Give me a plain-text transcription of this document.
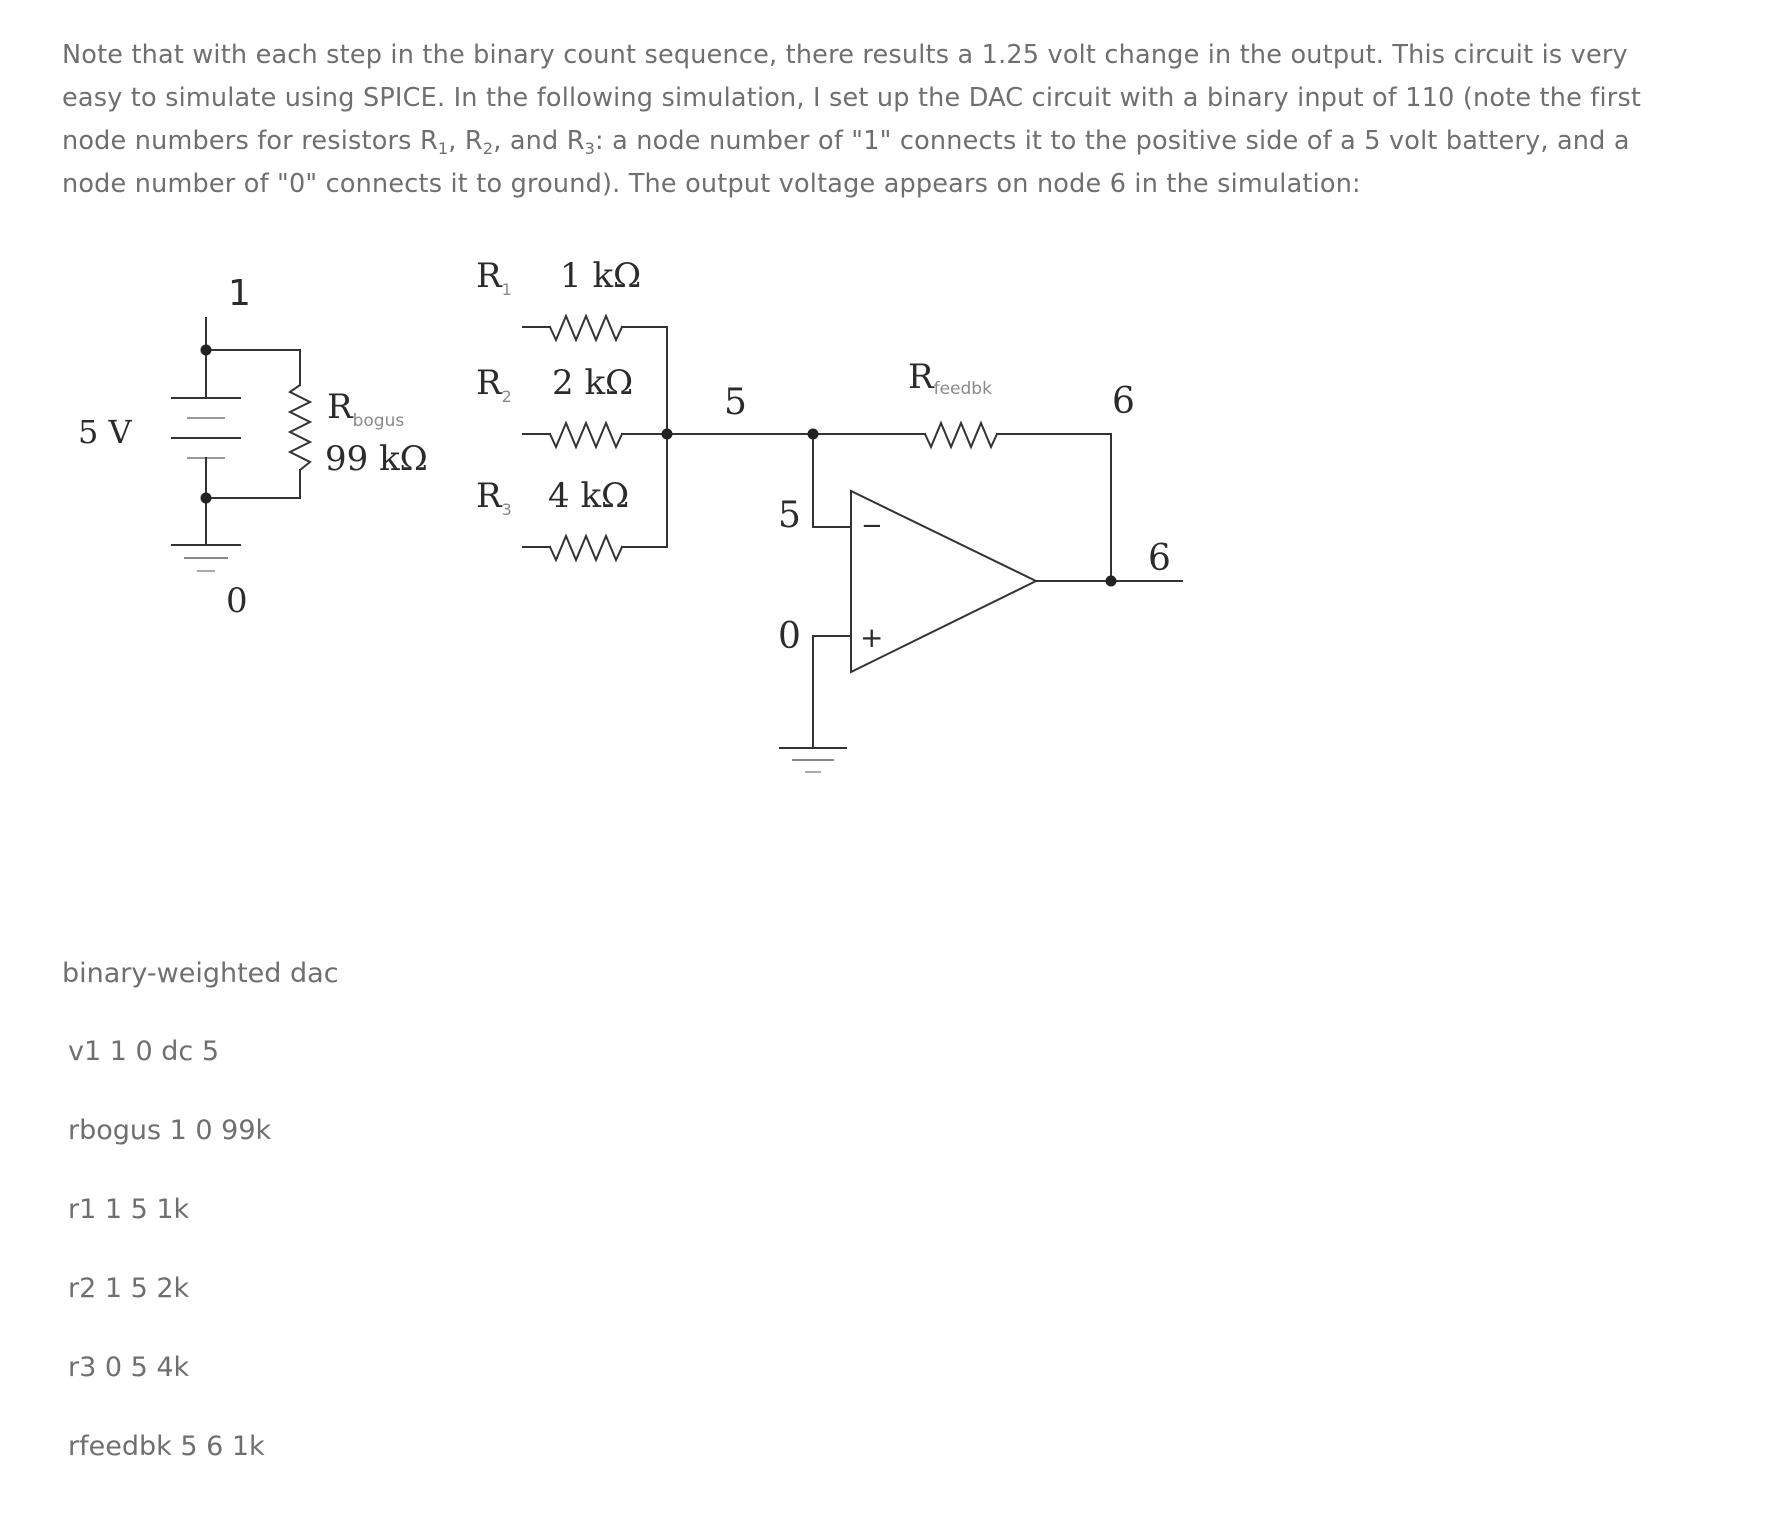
Note that with each step in the binary count sequence, there results a 1.25 volt change in the output. This circuit is very
easy to simulate using SPICE. In the following simulation, I set up the DAC circuit with a binary input of 110 (note the first
node numbers for resistors $R_1$, $R_2$, and $R_3$: a node number of "1" connects it to the positive side of a 5 volt battery, and a
node number of "0" connects it to ground). The output voltage appears on node 6 in the simulation:

1
0
5 V
$R_{bogus}$
99 kΩ
$R_1$ 1 kΩ
$R_2$ 2 kΩ
$R_3$ 4 kΩ
5
5
0
Rfeedbk	6
6
−
+
binary-weighted dac
v1 1 0 dc 5
rbogus 1 0 99k
r1 1 5 1k
r2 1 5 2k
r3 0 5 4k
rfeedbk 5 6 1k
